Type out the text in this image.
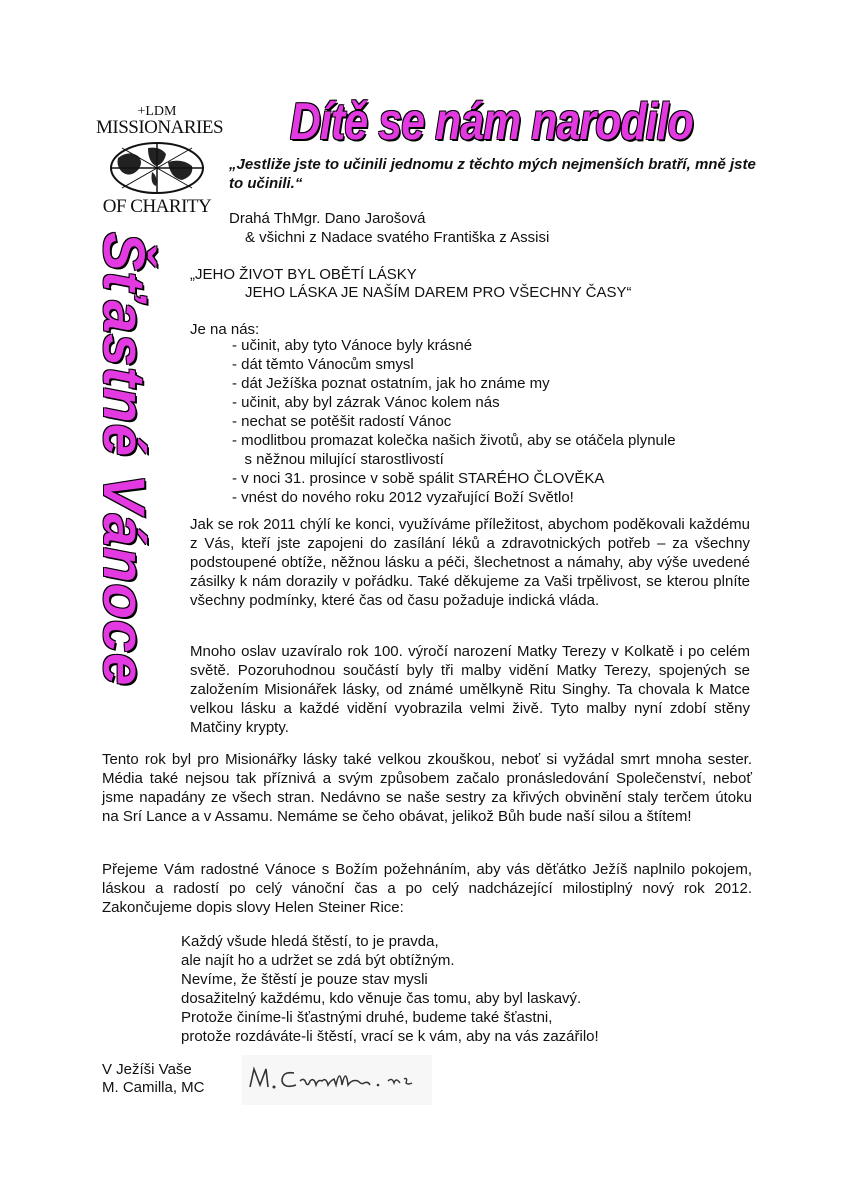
+LDM
MISSIONARIES
OF CHARITY
Dítě se nám narodilo
Šťastné Vánoce
„Jestliže jste to učinili jednomu z těchto mých nejmenších bratří, mně jste to učinili.“
Drahá ThMgr. Dano Jarošová
& všichni z Nadace svatého Františka z Assisi
„JEHO ŽIVOT BYL OBĚTÍ LÁSKY
JEHO LÁSKA JE NAŠÍM DAREM PRO VŠECHNY ČASY“
Je na nás:
- učinit, aby tyto Vánoce byly krásné
- dát těmto Vánocům smysl
- dát Ježíška poznat ostatním, jak ho známe my
- učinit, aby byl zázrak Vánoc kolem nás
- nechat se potěšit radostí Vánoc
- modlitbou promazat kolečka našich životů, aby se otáčela plynule
s něžnou milující starostlivostí
- v noci 31. prosince v sobě spálit STARÉHO ČLOVĚKA
- vnést do nového roku 2012 vyzařující Boží Světlo!
Jak se rok 2011 chýlí ke konci, využíváme příležitost, abychom poděkovali každému z Vás, kteří jste zapojeni do zasílání léků a zdravotnických potřeb – za všechny podstoupené obtíže, něžnou lásku a péči, šlechetnost a námahy, aby výše uvedené zásilky k nám dorazily v pořádku. Také děkujeme za Vaši trpělivost, se kterou plníte všechny podmínky, které čas od času požaduje indická vláda.
Mnoho oslav uzavíralo rok 100. výročí narození Matky Terezy v Kolkatě i po celém světě. Pozoruhodnou součástí byly tři malby vidění Matky Terezy, spojených se založením Misionářek lásky, od známé umělkyně Ritu Singhy. Ta chovala k Matce velkou lásku a každé vidění vyobrazila velmi živě. Tyto malby nyní zdobí stěny Matčiny krypty.
Tento rok byl pro Misionářky lásky také velkou zkouškou, neboť si vyžádal smrt mnoha sester. Média také nejsou tak příznivá a svým způsobem začalo pronásledování Společenství, neboť jsme napadány ze všech stran. Nedávno se naše sestry za křivých obvinění staly terčem útoku na Srí Lance a v Assamu. Nemáme se čeho obávat, jelikož Bůh bude naší silou a štítem!
Přejeme Vám radostné Vánoce s Božím požehnáním, aby vás děťátko Ježíš naplnilo pokojem, láskou a radostí po celý vánoční čas a po celý nadcházející milostiplný nový rok 2012. Zakončujeme dopis slovy Helen Steiner Rice:
Každý všude hledá štěstí, to je pravda,
ale najít ho a udržet se zdá být obtížným.
Nevíme, že štěstí je pouze stav mysli
dosažitelný každému, kdo věnuje čas tomu, aby byl laskavý.
Protože činíme-li šťastnými druhé, budeme také šťastni,
protože rozdáváte-li štěstí, vrací se k vám, aby na vás zazářilo!
V Ježíši Vaše
M. Camilla, MC
